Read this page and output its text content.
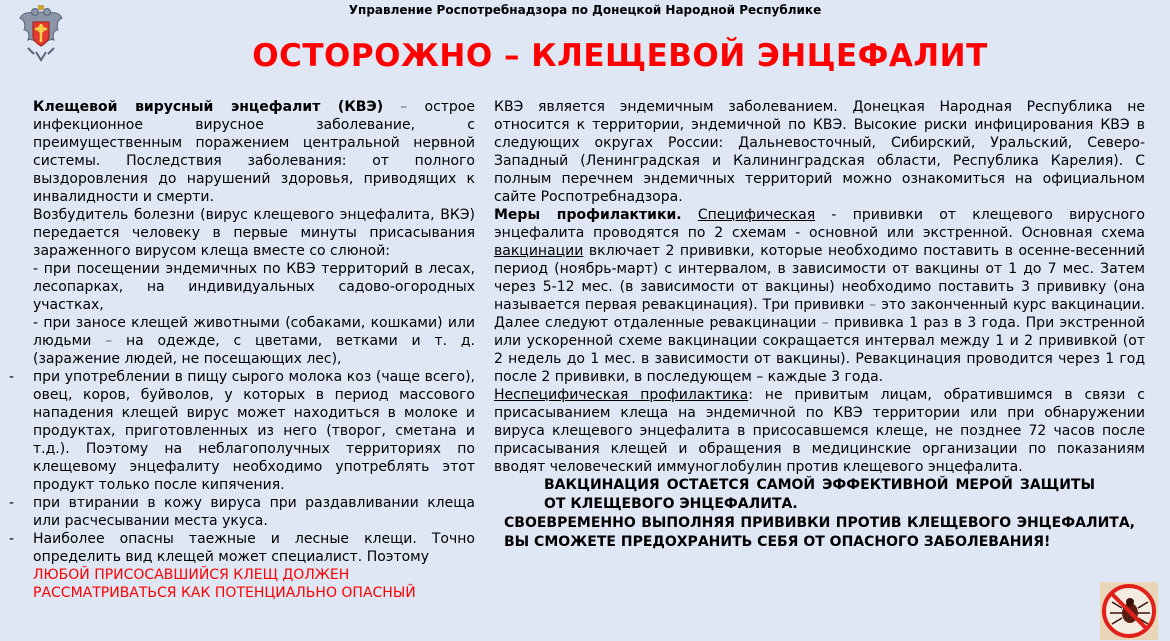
Управление Роспотребнадзора по Донецкой Народной Республике
ОСТОРОЖНО – КЛЕЩЕВОЙ ЭНЦЕФАЛИТ

Клещевой вирусный энцефалит (КВЭ) – острое инфекционное вирусное заболевание, с преимущественным поражением центральной нервной системы. Последствия заболевания: от полного выздоровления до нарушений здоровья, приводящих к инвалидности и смерти.

Возбудитель болезни (вирус клещевого энцефалита, ВКЭ) передается человеку в первые минуты присасывания зараженного вирусом клеща вместе со слюной:

- при посещении эндемичных по КВЭ территорий в лесах, лесопарках, на индивидуальных садово-огородных участках,

- при заносе клещей животными (собаками, кошками) или людьми – на одежде, с цветами, ветками и т. д. (заражение людей, не посещающих лес),

- при употреблении в пищу сырого молока коз (чаще всего), овец, коров, буйволов, у которых в период массового нападения клещей вирус может находиться в молоке и продуктах, приготовленных из него (творог, сметана и т.д.). Поэтому на неблагополучных территориях по клещевому энцефалиту необходимо употреблять этот продукт только после кипячения.
- при втирании в кожу вируса при раздавливании клеща или расчесывании места укуса.
- Наиболее опасны таежные и лесные клещи. Точно определить вид клещей может специалист. Поэтому

ЛЮБОЙ ПРИСОСАВШИЙСЯ КЛЕЩ ДОЛЖЕН

РАССМАТРИВАТЬСЯ КАК ПОТЕНЦИАЛЬНО ОПАСНЫЙ

КВЭ является эндемичным заболеванием. Донецкая Народная Республика не относится к территории, эндемичной по КВЭ. Высокие риски инфицирования КВЭ в следующих округах России: Дальневосточный, Сибирский, Уральский, Северо-Западный (Ленинградская и Калининградская области, Республика Карелия). С полным перечнем эндемичных территорий можно ознакомиться на официальном сайте Роспотребнадзора.

Меры профилактики. Специфическая - прививки от клещевого вирусного энцефалита проводятся по 2 схемам - основной или экстренной. Основная схема вакцинации включает 2 прививки, которые необходимо поставить в осенне-весенний период (ноябрь-март) с интервалом, в зависимости от вакцины от 1 до 7 мес. Затем через 5-12 мес. (в зависимости от вакцины) необходимо поставить 3 прививку (она называется первая ревакцинация). Три прививки – это законченный курс вакцинации. Далее следуют отдаленные ревакцинации – прививка 1 раз в 3 года. При экстренной или ускоренной схеме вакцинации сокращается интервал между 1 и 2 прививкой (от 2 недель до 1 мес. в зависимости от вакцины). Ревакцинация проводится через 1 год после 2 прививки, в последующем – каждые 3 года.

Неспецифическая профилактика: не привитым лицам, обратившимся в связи с присасыванием клеща на эндемичной по КВЭ территории или при обнаружении вируса клещевого энцефалита в присосавшемся клеще, не позднее 72 часов после присасывания клещей и обращения в медицинские организации по показаниям вводят человеческий иммуноглобулин против клещевого энцефалита.

ВАКЦИНАЦИЯ ОСТАЕТСЯ САМОЙ ЭФФЕКТИВНОЙ МЕРОЙ ЗАЩИТЫ ОТ КЛЕЩЕВОГО ЭНЦЕФАЛИТА.

СВОЕВРЕМЕННО ВЫПОЛНЯЯ ПРИВИВКИ ПРОТИВ КЛЕЩЕВОГО ЭНЦЕФАЛИТА, ВЫ СМОЖЕТЕ ПРЕДОХРАНИТЬ СЕБЯ ОТ ОПАСНОГО ЗАБОЛЕВАНИЯ!
